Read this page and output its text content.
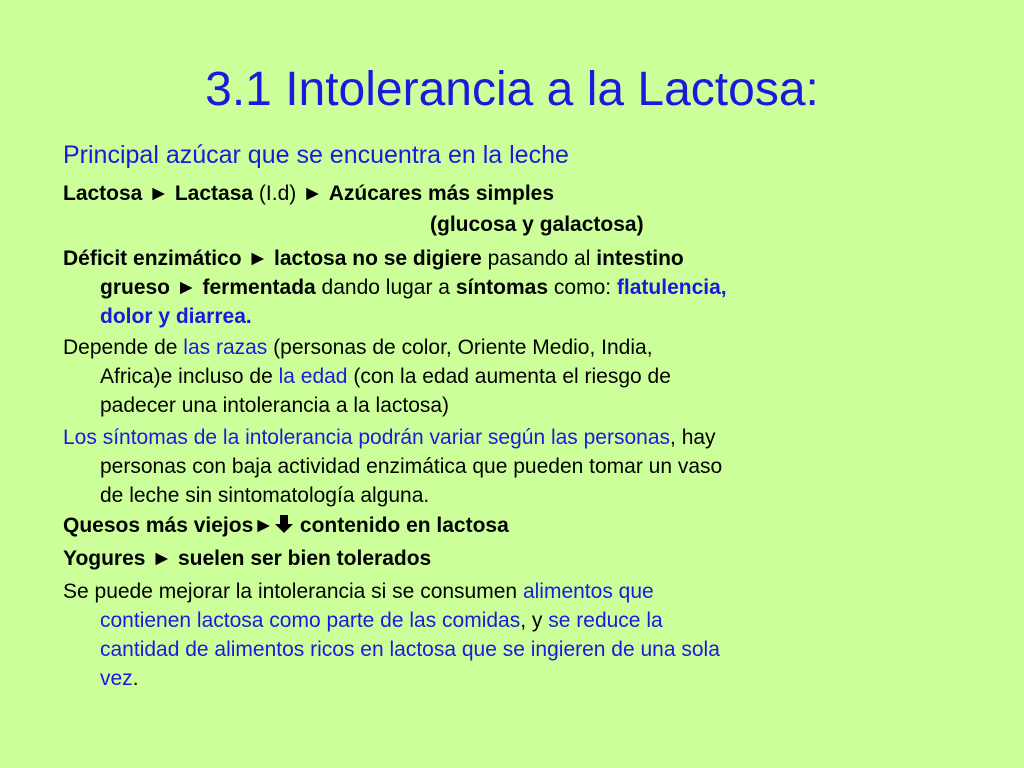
3.1 Intolerancia a la Lactosa:
Principal azúcar que se encuentra en la leche
Lactosa ► Lactasa (I.d) ► Azúcares más simples
(glucosa y galactosa)
Déficit enzimático ► lactosa no se digiere pasando al intestino
grueso ► fermentada dando lugar a síntomas como: flatulencia,
dolor y diarrea.
Depende de las razas (personas de color, Oriente Medio, India,
Africa)e incluso de la edad (con la edad aumenta el riesgo de
padecer una intolerancia a la lactosa)
Los síntomas de la intolerancia podrán variar según las personas, hay
personas con baja actividad enzimática que pueden tomar un vaso
de leche sin sintomatología alguna.
Quesos más viejos► contenido en lactosa
Yogures ► suelen ser bien tolerados
Se puede mejorar la intolerancia si se consumen alimentos que
contienen lactosa como parte de las comidas, y se reduce la
cantidad de alimentos ricos en lactosa que se ingieren de una sola
vez.
